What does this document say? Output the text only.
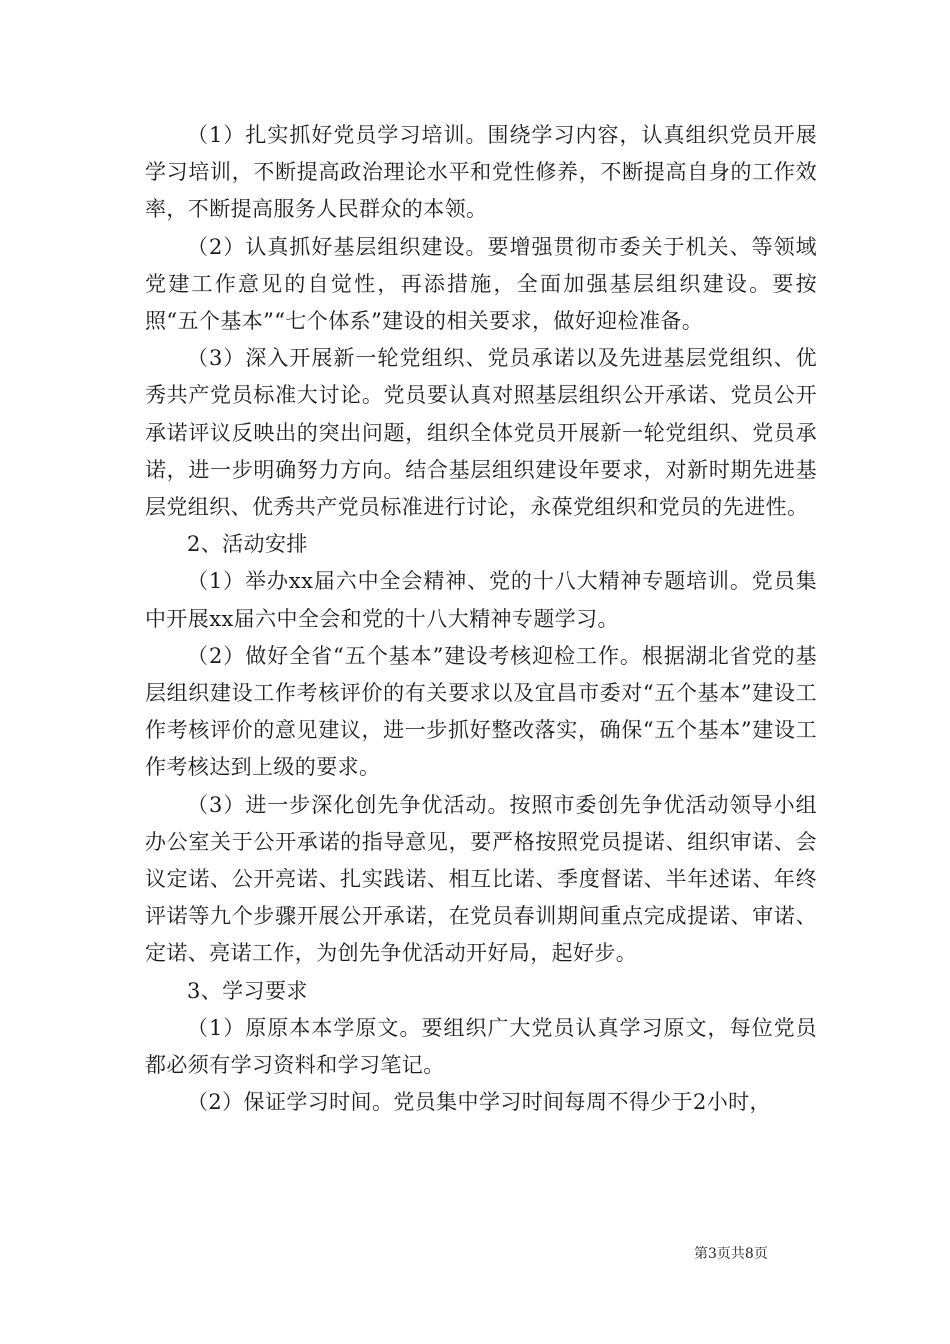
（1）扎实抓好党员学习培训。围绕学习内容，认真组织党员开展学习培训，不断提高政治理论水平和党性修养，不断提高自身的工作效率，不断提高服务人民群众的本领。

（2）认真抓好基层组织建设。要增强贯彻市委关于机关、等领域党建工作意见的自觉性，再添措施，全面加强基层组织建设。要按照“五个基本”“七个体系”建设的相关要求，做好迎检准备。

（3）深入开展新一轮党组织、党员承诺以及先进基层党组织、优秀共产党员标准大讨论。党员要认真对照基层组织公开承诺、党员公开承诺评议反映出的突出问题，组织全体党员开展新一轮党组织、党员承诺，进一步明确努力方向。结合基层组织建设年要求，对新时期先进基层党组织、优秀共产党员标准进行讨论，永葆党组织和党员的先进性。

2、活动安排

（1）举办xx届六中全会精神、党的十八大精神专题培训。党员集中开展xx届六中全会和党的十八大精神专题学习。

（2）做好全省“五个基本”建设考核迎检工作。根据湖北省党的基层组织建设工作考核评价的有关要求以及宜昌市委对“五个基本”建设工作考核评价的意见建议，进一步抓好整改落实，确保“五个基本”建设工作考核达到上级的要求。

（3）进一步深化创先争优活动。按照市委创先争优活动领导小组办公室关于公开承诺的指导意见，要严格按照党员提诺、组织审诺、会议定诺、公开亮诺、扎实践诺、相互比诺、季度督诺、半年述诺、年终评诺等九个步骤开展公开承诺，在党员春训期间重点完成提诺、审诺、定诺、亮诺工作，为创先争优活动开好局，起好步。

3、学习要求

（1）原原本本学原文。要组织广大党员认真学习原文，每位党员都必须有学习资料和学习笔记。

（2）保证学习时间。党员集中学习时间每周不得少于2小时，

第3页共8页
